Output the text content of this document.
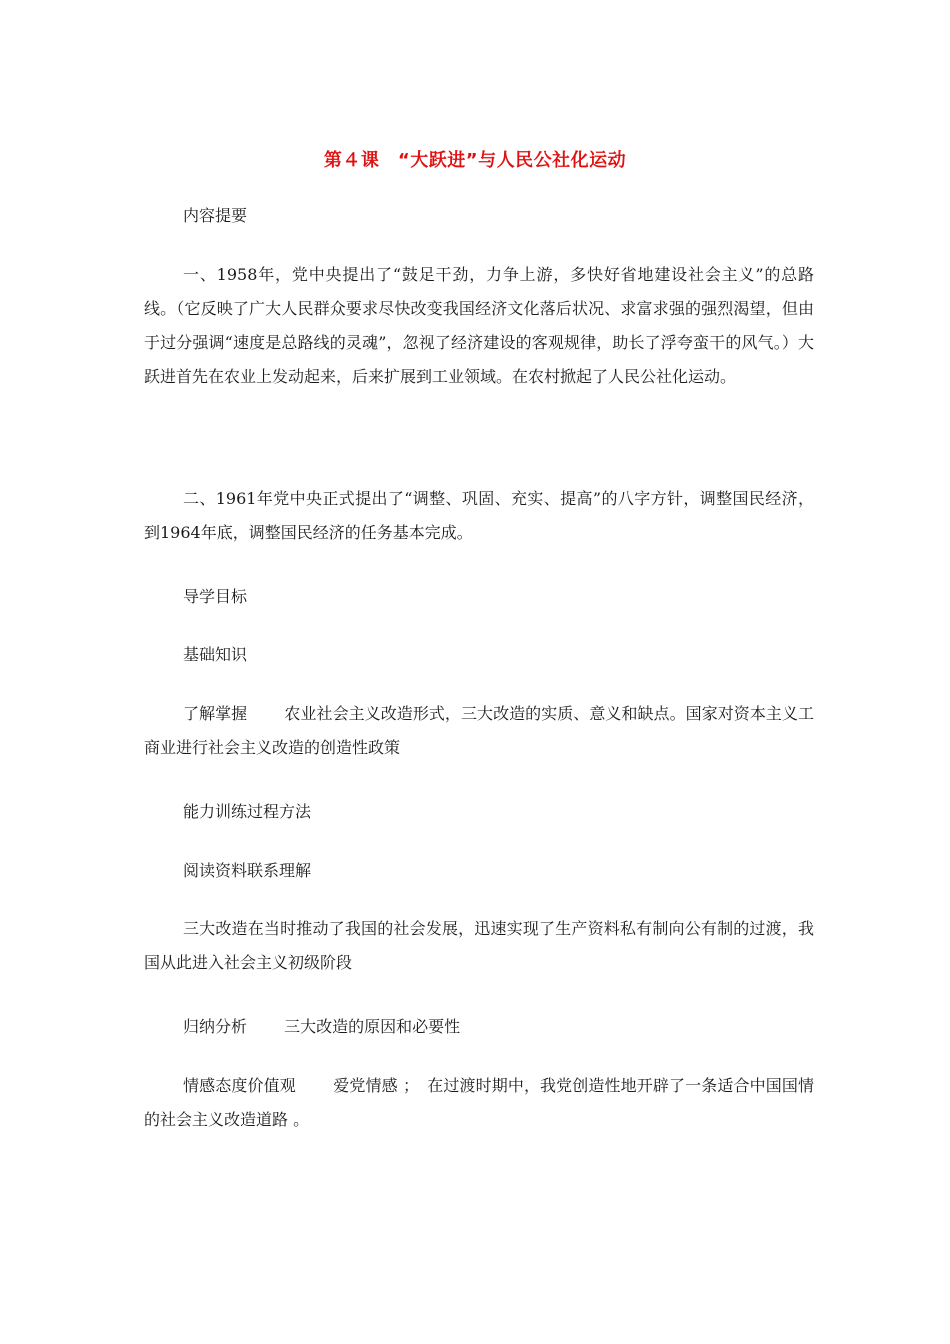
第４课　“大跃进”与人民公社化运动

内容提要

一、1958年，党中央提出了“鼓足干劲，力争上游，多快好省地建设社会主义”的总路线。（它反映了广大人民群众要求尽快改变我国经济文化落后状况、求富求强的强烈渴望，但由于过分强调“速度是总路线的灵魂”，忽视了经济建设的客观规律，助长了浮夸蛮干的风气。）大跃进首先在农业上发动起来，后来扩展到工业领域。在农村掀起了人民公社化运动。

二、1961年党中央正式提出了“调整、巩固、充实、提高”的八字方针，调整国民经济，到1964年底，调整国民经济的任务基本完成。

导学目标

基础知识

了解掌握　　 农业社会主义改造形式，三大改造的实质、意义和缺点。国家对资本主义工商业进行社会主义改造的创造性政策

能力训练过程方法

阅读资料联系理解

三大改造在当时推动了我国的社会发展，迅速实现了生产资料私有制向公有制的过渡，我国从此进入社会主义初级阶段

归纳分析　　 三大改造的原因和必要性

情感态度价值观　　 爱党情感 ；　在过渡时期中，我党创造性地开辟了一条适合中国国情的社会主义改造道路 。
